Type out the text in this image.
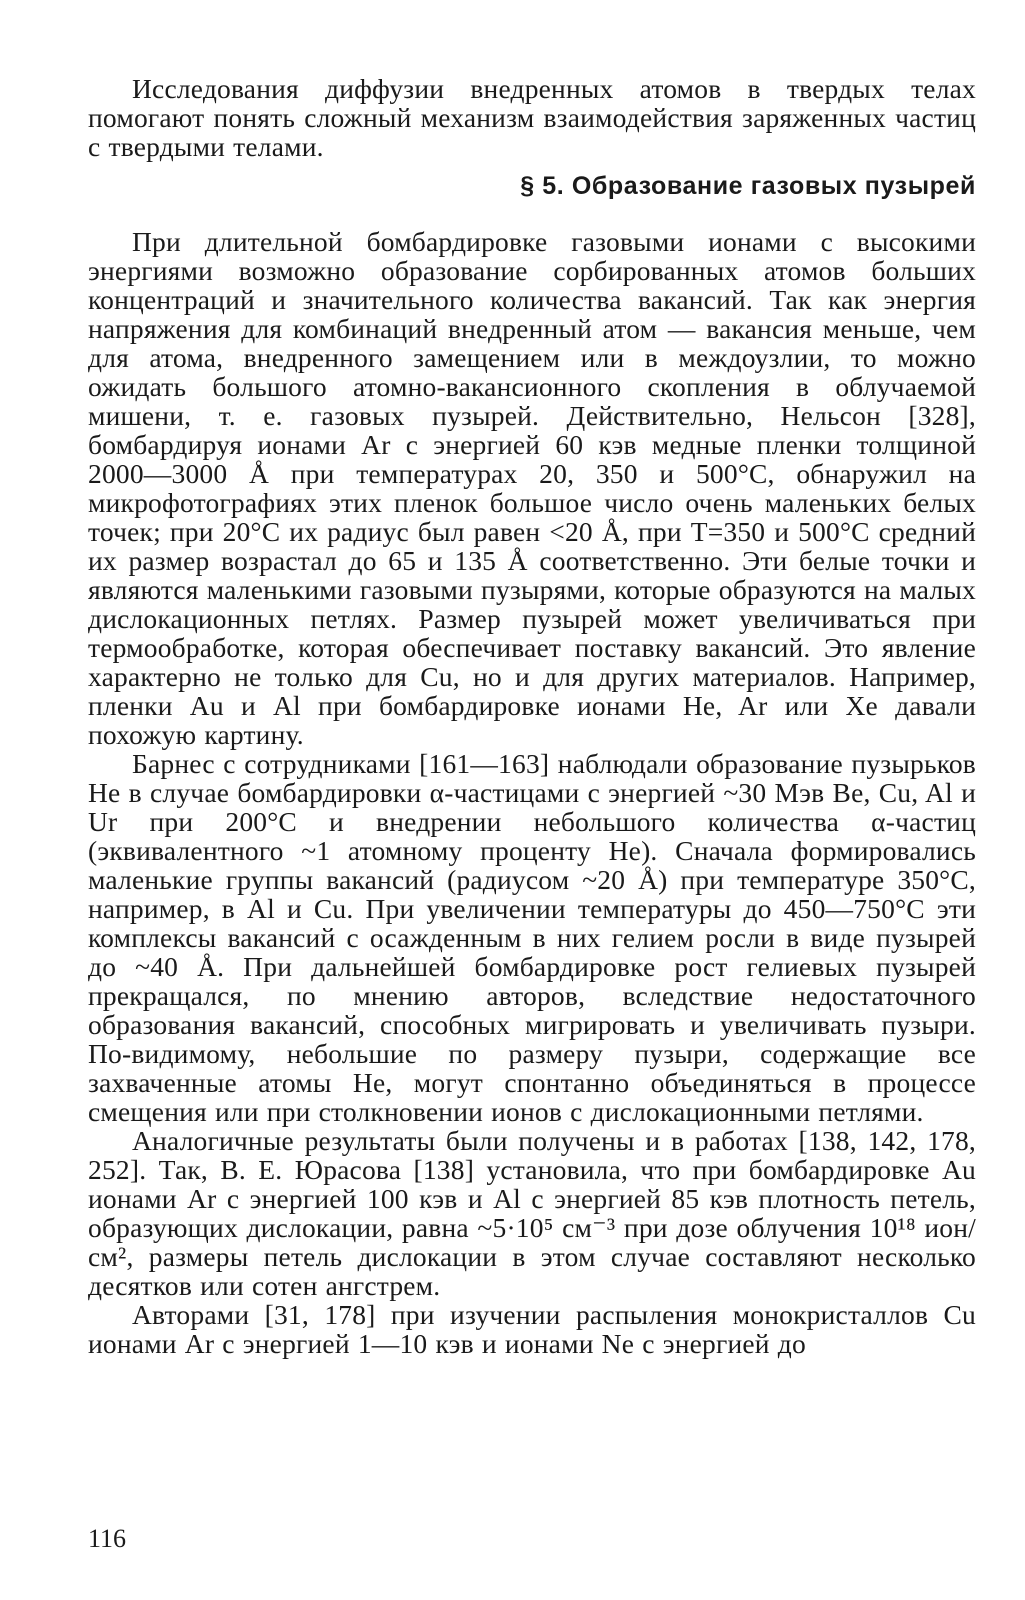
Исследования диффузии внедренных атомов в твердых телах помогают понять сложный механизм взаимодействия заряженных частиц с твердыми телами.

§ 5. Образование газовых пузырей

При длительной бомбардировке газовыми ионами с высокими энергиями возможно образование сорбированных атомов больших концентраций и значительного количества вакансий. Так как энергия напряжения для комбинаций внедренный атом — вакансия меньше, чем для атома, внедренного замещением или в междоузлии, то можно ожидать большого атомно-вакансионного скопления в облучаемой мишени, т. е. газовых пузырей. Действительно, Нельсон [328], бомбардируя ионами Ar с энергией 60 кэв медные пленки толщиной 2000—3000 Å при температурах 20, 350 и 500°C, обнаружил на микрофотографиях этих пленок большое число очень маленьких белых точек; при 20°C их радиус был равен <20 Å, при T=350 и 500°C средний их размер возрастал до 65 и 135 Å соответственно. Эти белые точки и являются маленькими газовыми пузырями, которые образуются на малых дислокационных петлях. Размер пузырей может увеличиваться при термообработке, которая обеспечивает поставку вакансий. Это явление характерно не только для Cu, но и для других материалов. Например, пленки Au и Al при бомбардировке ионами He, Ar или Xe давали похожую картину.

Барнес с сотрудниками [161—163] наблюдали образование пузырьков He в случае бомбардировки α-частицами с энергией ~30 Мэв Be, Cu, Al и Ur при 200°C и внедрении небольшого количества α-частиц (эквивалентного ~1 атомному проценту He). Сначала формировались маленькие группы вакансий (радиусом ~20 Å) при температуре 350°C, например, в Al и Cu. При увеличении температуры до 450—750°C эти комплексы вакансий с осажденным в них гелием росли в виде пузырей до ~40 Å. При дальнейшей бомбардировке рост гелиевых пузырей прекращался, по мнению авторов, вследствие недостаточного образования вакансий, способных мигрировать и увеличивать пузыри. По-видимому, небольшие по размеру пузыри, содержащие все захваченные атомы He, могут спонтанно объединяться в процессе смещения или при столкновении ионов с дислокационными петлями.

Аналогичные результаты были получены и в работах [138, 142, 178, 252]. Так, В. Е. Юрасова [138] установила, что при бомбардировке Au ионами Ar с энергией 100 кэв и Al с энергией 85 кэв плотность петель, образующих дислокации, равна ~5·10⁵ см⁻³ при дозе облучения 10¹⁸ ион/см², размеры петель дислокации в этом случае составляют несколько десятков или сотен ангстрем.

Авторами [31, 178] при изучении распыления монокристаллов Cu ионами Ar с энергией 1—10 кэв и ионами Ne с энергией до

116
